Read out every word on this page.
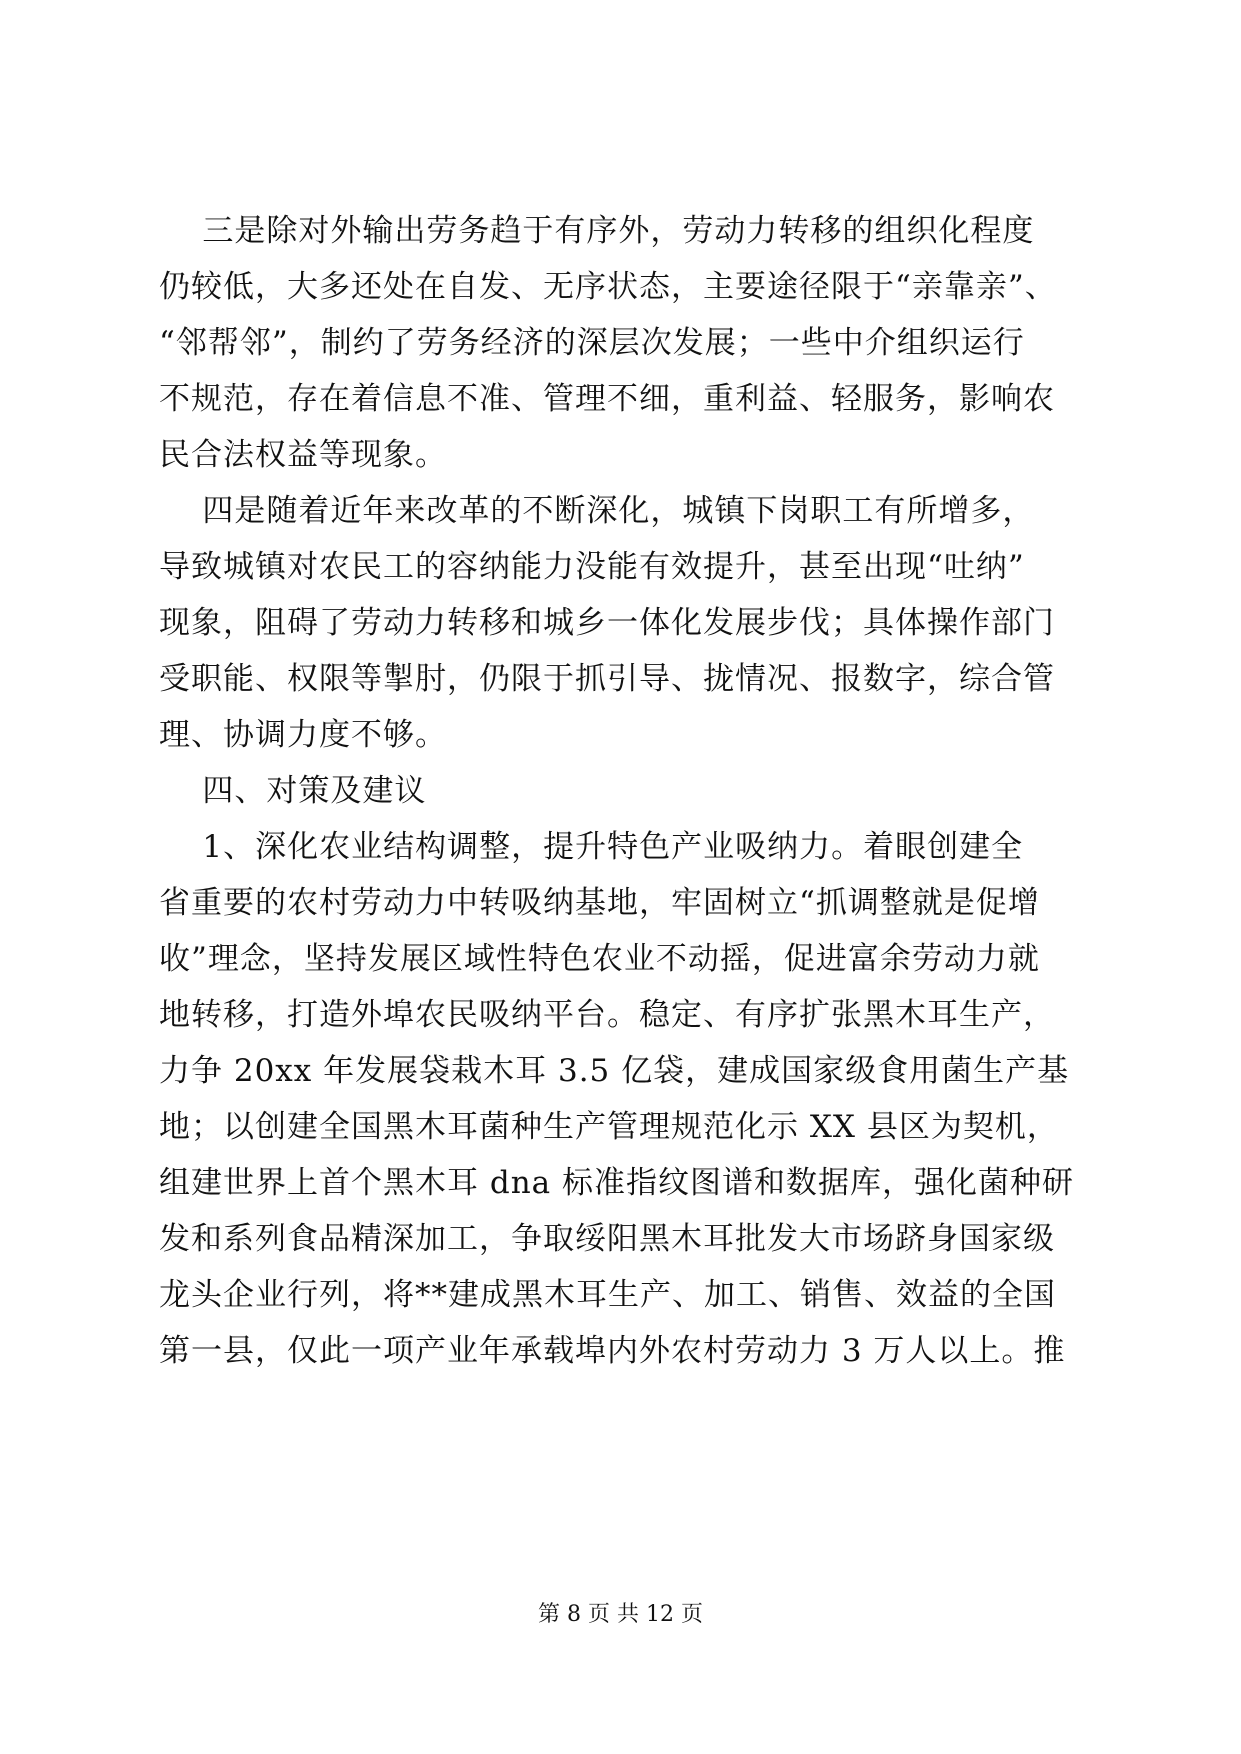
三是除对外输出劳务趋于有序外，劳动力转移的组织化程度
仍较低，大多还处在自发、无序状态，主要途径限于“亲靠亲”、
“邻帮邻”，制约了劳务经济的深层次发展；一些中介组织运行
不规范，存在着信息不准、管理不细，重利益、轻服务，影响农
民合法权益等现象。
四是随着近年来改革的不断深化，城镇下岗职工有所增多，
导致城镇对农民工的容纳能力没能有效提升，甚至出现“吐纳”
现象，阻碍了劳动力转移和城乡一体化发展步伐；具体操作部门
受职能、权限等掣肘，仍限于抓引导、拢情况、报数字，综合管
理、协调力度不够。
四、对策及建议
1、深化农业结构调整，提升特色产业吸纳力。着眼创建全
省重要的农村劳动力中转吸纳基地，牢固树立“抓调整就是促增
收”理念，坚持发展区域性特色农业不动摇，促进富余劳动力就
地转移，打造外埠农民吸纳平台。稳定、有序扩张黑木耳生产，
力争 20xx 年发展袋栽木耳 3.5 亿袋，建成国家级食用菌生产基
地；以创建全国黑木耳菌种生产管理规范化示 XX 县区为契机，
组建世界上首个黑木耳 dna 标准指纹图谱和数据库，强化菌种研
发和系列食品精深加工，争取绥阳黑木耳批发大市场跻身国家级
龙头企业行列，将**建成黑木耳生产、加工、销售、效益的全国
第一县，仅此一项产业年承载埠内外农村劳动力 3 万人以上。推
第 8 页 共 12 页
